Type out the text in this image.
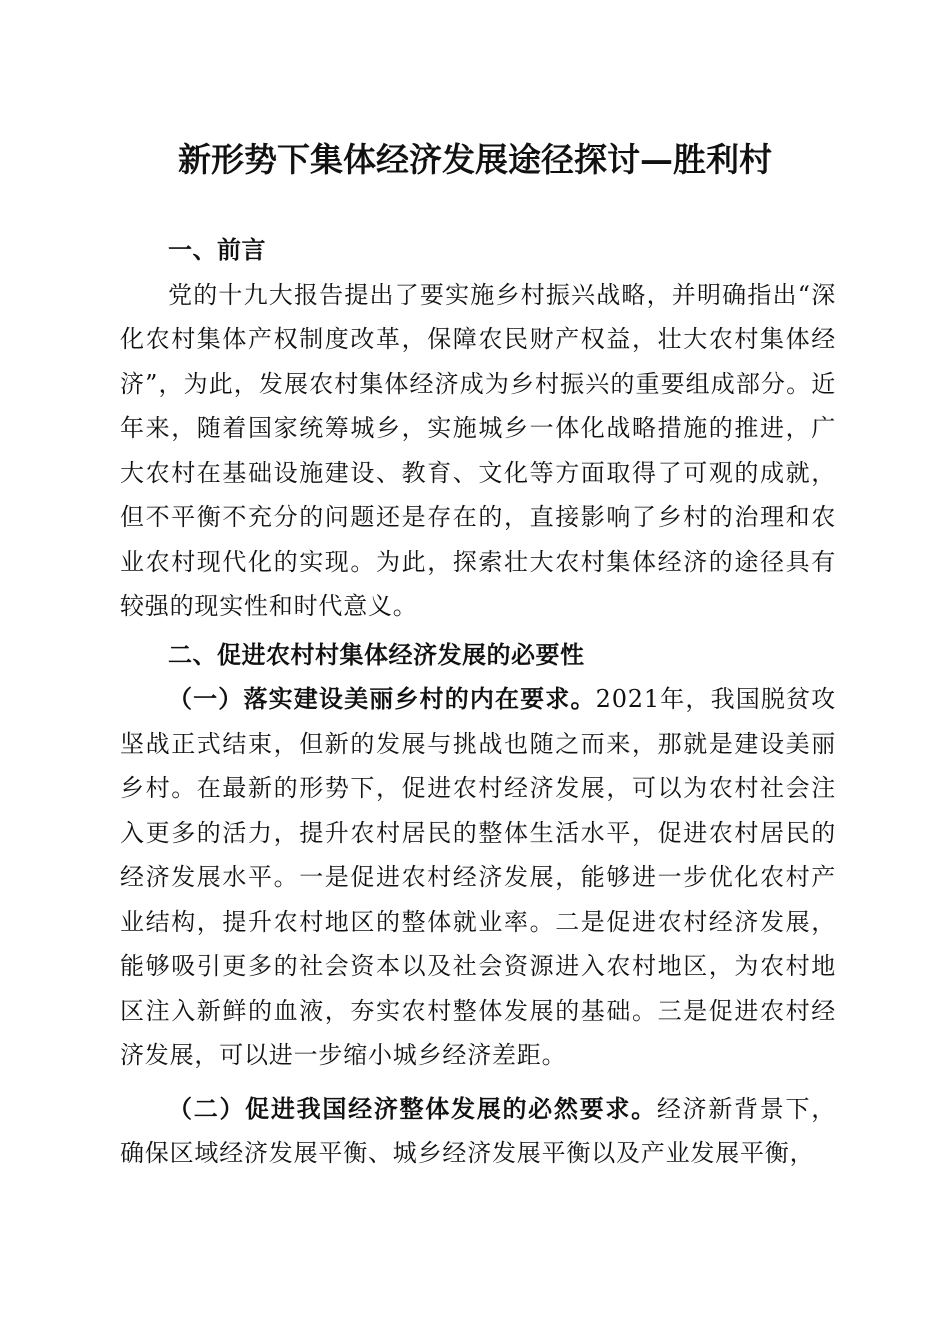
新形势下集体经济发展途径探讨—胜利村

一、前言

党的十九大报告提出了要实施乡村振兴战略，并明确指出“深化农村集体产权制度改革，保障农民财产权益，壮大农村集体经济”，为此，发展农村集体经济成为乡村振兴的重要组成部分。近年来，随着国家统筹城乡，实施城乡一体化战略措施的推进，广大农村在基础设施建设、教育、文化等方面取得了可观的成就，但不平衡不充分的问题还是存在的，直接影响了乡村的治理和农业农村现代化的实现。为此，探索壮大农村集体经济的途径具有较强的现实性和时代意义。

二、促进农村村集体经济发展的必要性

（一）落实建设美丽乡村的内在要求。2021年，我国脱贫攻坚战正式结束，但新的发展与挑战也随之而来，那就是建设美丽乡村。在最新的形势下，促进农村经济发展，可以为农村社会注入更多的活力，提升农村居民的整体生活水平，促进农村居民的经济发展水平。一是促进农村经济发展，能够进一步优化农村产业结构，提升农村地区的整体就业率。二是促进农村经济发展，能够吸引更多的社会资本以及社会资源进入农村地区，为农村地区注入新鲜的血液，夯实农村整体发展的基础。三是促进农村经济发展，可以进一步缩小城乡经济差距。

（二）促进我国经济整体发展的必然要求。经济新背景下，确保区域经济发展平衡、城乡经济发展平衡以及产业发展平衡，
